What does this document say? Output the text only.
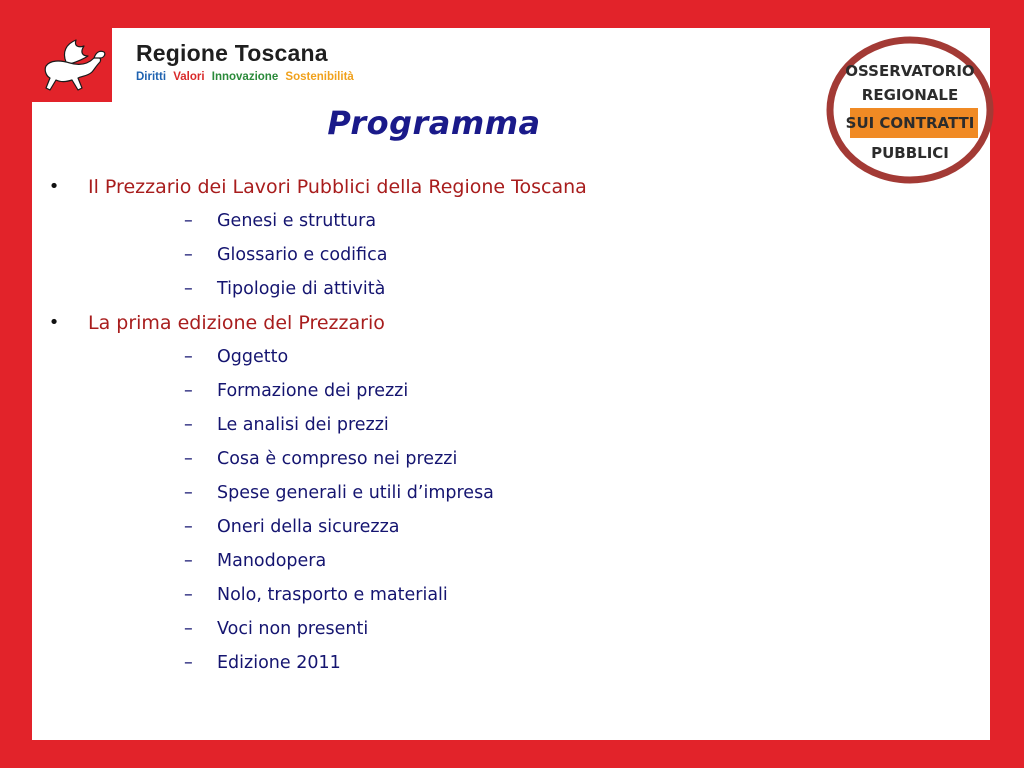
Regione Toscana
Diritti Valori Innovazione Sostenibilità
Programma
OSSERVATORIO
REGIONALE
SUI CONTRATTI
PUBBLICI
• Il Prezzario dei Lavori Pubblici della Regione Toscana
– Genesi e struttura
– Glossario e codifica
– Tipologie di attività
• La prima edizione del Prezzario
– Oggetto
– Formazione dei prezzi
– Le analisi dei prezzi
– Cosa è compreso nei prezzi
– Spese generali e utili d’impresa
– Oneri della sicurezza
– Manodopera
– Nolo, trasporto e materiali
– Voci non presenti
– Edizione 2011
